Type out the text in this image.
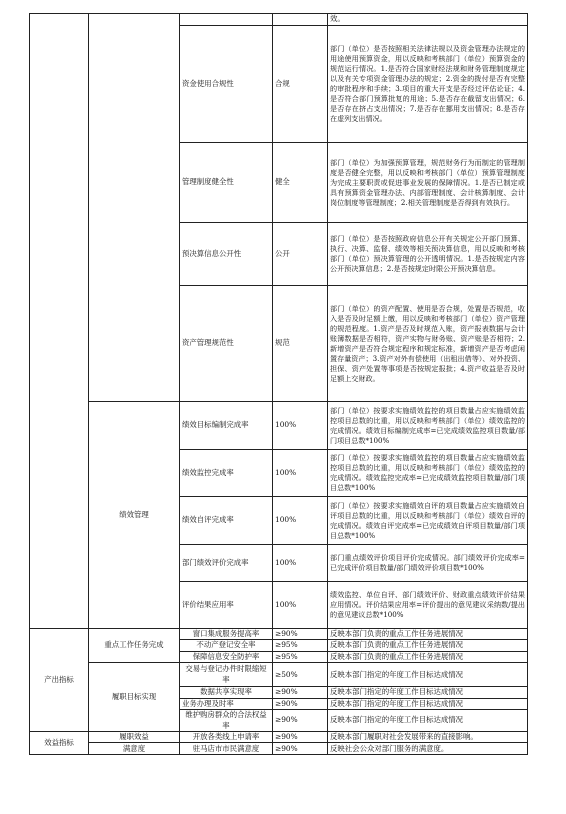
				效。
		资金使用合规性	合规	部门（单位）是否按照相关法律法规以及资金管理办法规定的用途使用预算资金，用以反映和考核部门（单位）预算资金的规范运行情况。1.是否符合国家财经法规和财务管理制度规定以及有关专项资金管理办法的规定；2.资金的拨付是否有完整的审批程序和手续；3.项目的重大开支是否经过评估论证；4.是否符合部门预算批复的用途；5.是否存在截留支出情况；6.是否存在挤占支出情况；7.是否存在挪用支出情况；8.是否存在虚列支出情况。
		管理制度健全性	健全	部门（单位）为加强预算管理，规范财务行为而制定的管理制度是否健全完整，用以反映和考核部门（单位）预算管理制度为完成主要职责或促进事业发展的保障情况。1.是否已制定或具有预算资金管理办法、内部管理制度、会计核算制度、会计岗位制度等管理制度；2.相关管理制度是否得到有效执行。
		预决算信息公开性	公开	部门（单位）是否按照政府信息公开有关规定公开部门预算、执行、决算、监督、绩效等相关预决算信息，用以反映和考核部门（单位）预决算管理的公开透明情况。1.是否按规定内容公开预决算信息；2.是否按规定时限公开预决算信息。
		资产管理规范性	规范	部门（单位）的资产配置、使用是否合规，处置是否规范，收入是否及时足额上缴，用以反映和考核部门（单位）资产管理的规范程度。1.资产是否及时规范入账，资产报表数据与会计账簿数据是否相符，资产实物与财务账、资产账是否相符；2.新增资产是否符合规定程序和规定标准，新增资产是否考虑闲置存量资产；3.资产对外有偿使用（出租出借等）、对外投资、担保、资产处置等事项是否按规定报批；4.资产收益是否及时足额上交财政。
	绩效管理	绩效目标编制完成率	100%	部门（单位）按要求实施绩效监控的项目数量占应实施绩效监控项目总数的比重，用以反映和考核部门（单位）绩效监控的完成情况。绩效目标编制完成率=已完成绩效监控项目数量/部门项目总数*100%
		绩效监控完成率	100%	部门（单位）按要求实施绩效监控的项目数量占应实施绩效监控项目总数的比重，用以反映和考核部门（单位）绩效监控的完成情况。绩效监控完成率=已完成绩效监控项目数量/部门项目总数*100%
		绩效自评完成率	100%	部门（单位）按要求实施绩效自评的项目数量占应实施绩效自评项目总数的比重，用以反映和考核部门（单位）绩效自评的完成情况。绩效自评完成率=已完成绩效自评项目数量/部门项目总数*100%
		部门绩效评价完成率	100%	部门重点绩效评价项目评价完成情况。部门绩效评价完成率=已完成评价项目数量/部门绩效评价项目数*100%
		评价结果应用率	100%	绩效监控、单位自评、部门绩效评价、财政重点绩效评价结果应用情况。评价结果应用率=评价提出的意见建议采纳数/提出的意见建议总数*100%
产出指标	重点工作任务完成	窗口集成服务提高率	≥90%	反映本部门负责的重点工作任务进展情况
		不动产登记安全率	≥95%	反映本部门负责的重点工作任务进展情况
		保障信息安全防护率	≥95%	反映本部门负责的重点工作任务进展情况
	履职目标实现	交易与登记办件时限缩短率	≥50%	反映本部门指定的年度工作目标达成情况
		数据共享实现率	≥90%	反映本部门指定的年度工作目标达成情况
		业务办理及时率	≥90%	反映本部门指定的年度工作目标达成情况
		维护购房群众的合法权益率	≥90%	反映本部门指定的年度工作目标达成情况
效益指标	履职效益	开放各类线上申请率	≥90%	反映本部门履职对社会发展带来的直接影响。
	满意度	驻马店市市民满意度	≥90%	反映社会公众对部门服务的满意度。
